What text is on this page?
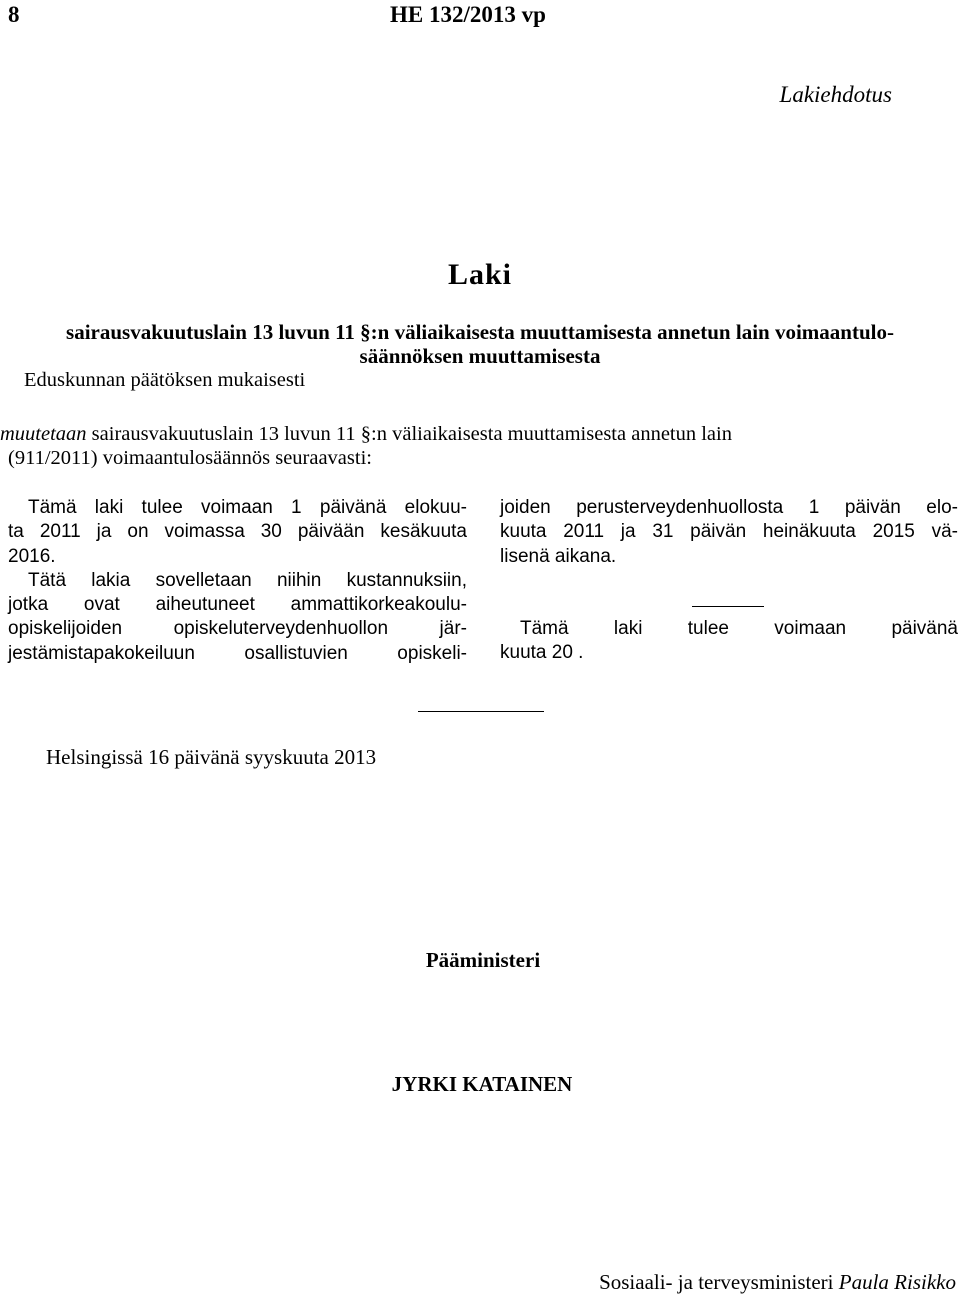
8	HE 132/2013 vp
Lakiehdotus
Laki
sairausvakuutuslain 13 luvun 11 §:n väliaikaisesta muuttamisesta annetun lain voimaantulo-
säännöksen muuttamisesta
Eduskunnan päätöksen mukaisesti
muutetaan sairausvakuutuslain 13 luvun 11 §:n väliaikaisesta muuttamisesta annetun lain
(911/2011) voimaantulosäännös seuraavasti:
Tämä laki tulee voimaan 1 päivänä elokuu-
ta 2011 ja on voimassa 30 päivään kesäkuuta
2016.
Tätä lakia sovelletaan niihin kustannuksiin,
jotka ovat aiheutuneet ammattikorkeakoulu-
opiskelijoiden opiskeluterveydenhuollon jär-
jestämistapakokeiluun osallistuvien opiskeli-
joiden perusterveydenhuollosta 1 päivän elo-
kuuta 2011 ja 31 päivän heinäkuuta 2015 vä-
lisenä aikana.
Tämä laki tulee voimaan päivänä
kuuta 20 .
Helsingissä 16 päivänä syyskuuta 2013
Pääministeri
JYRKI KATAINEN
Sosiaali- ja terveysministeri Paula Risikko
